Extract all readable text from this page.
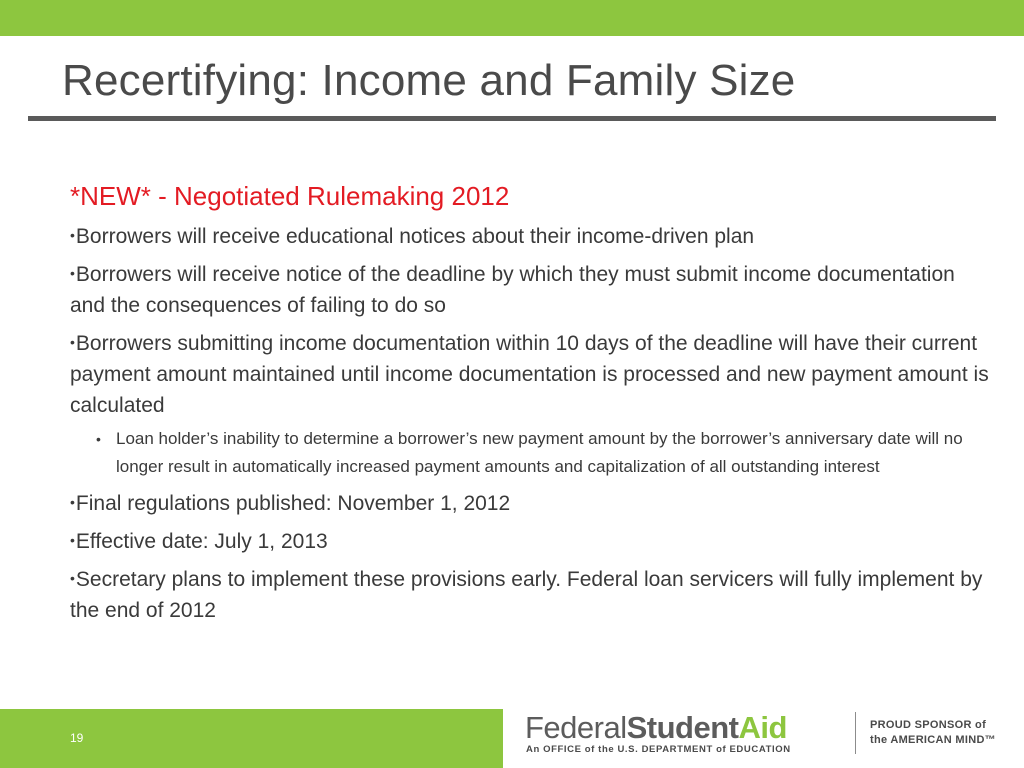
Recertifying: Income and Family Size
*NEW* - Negotiated Rulemaking 2012
•Borrowers will receive educational notices about their income-driven plan
•Borrowers will receive notice of the deadline by which they must submit income documentation and the consequences of failing to do so
•Borrowers submitting income documentation within 10 days of the deadline will have their current payment amount maintained until income documentation is processed and new payment amount is calculated
• Loan holder’s inability to determine a borrower’s new payment amount by the borrower’s anniversary date will no longer result in automatically increased payment amounts and capitalization of all outstanding interest
•Final regulations published: November 1, 2012
•Effective date: July 1, 2013
•Secretary plans to implement these provisions early. Federal loan servicers will fully implement by the end of 2012
19	FederalStudentAid
An OFFICE of the U.S. DEPARTMENT of EDUCATION
PROUD SPONSOR of
the AMERICAN MIND™
